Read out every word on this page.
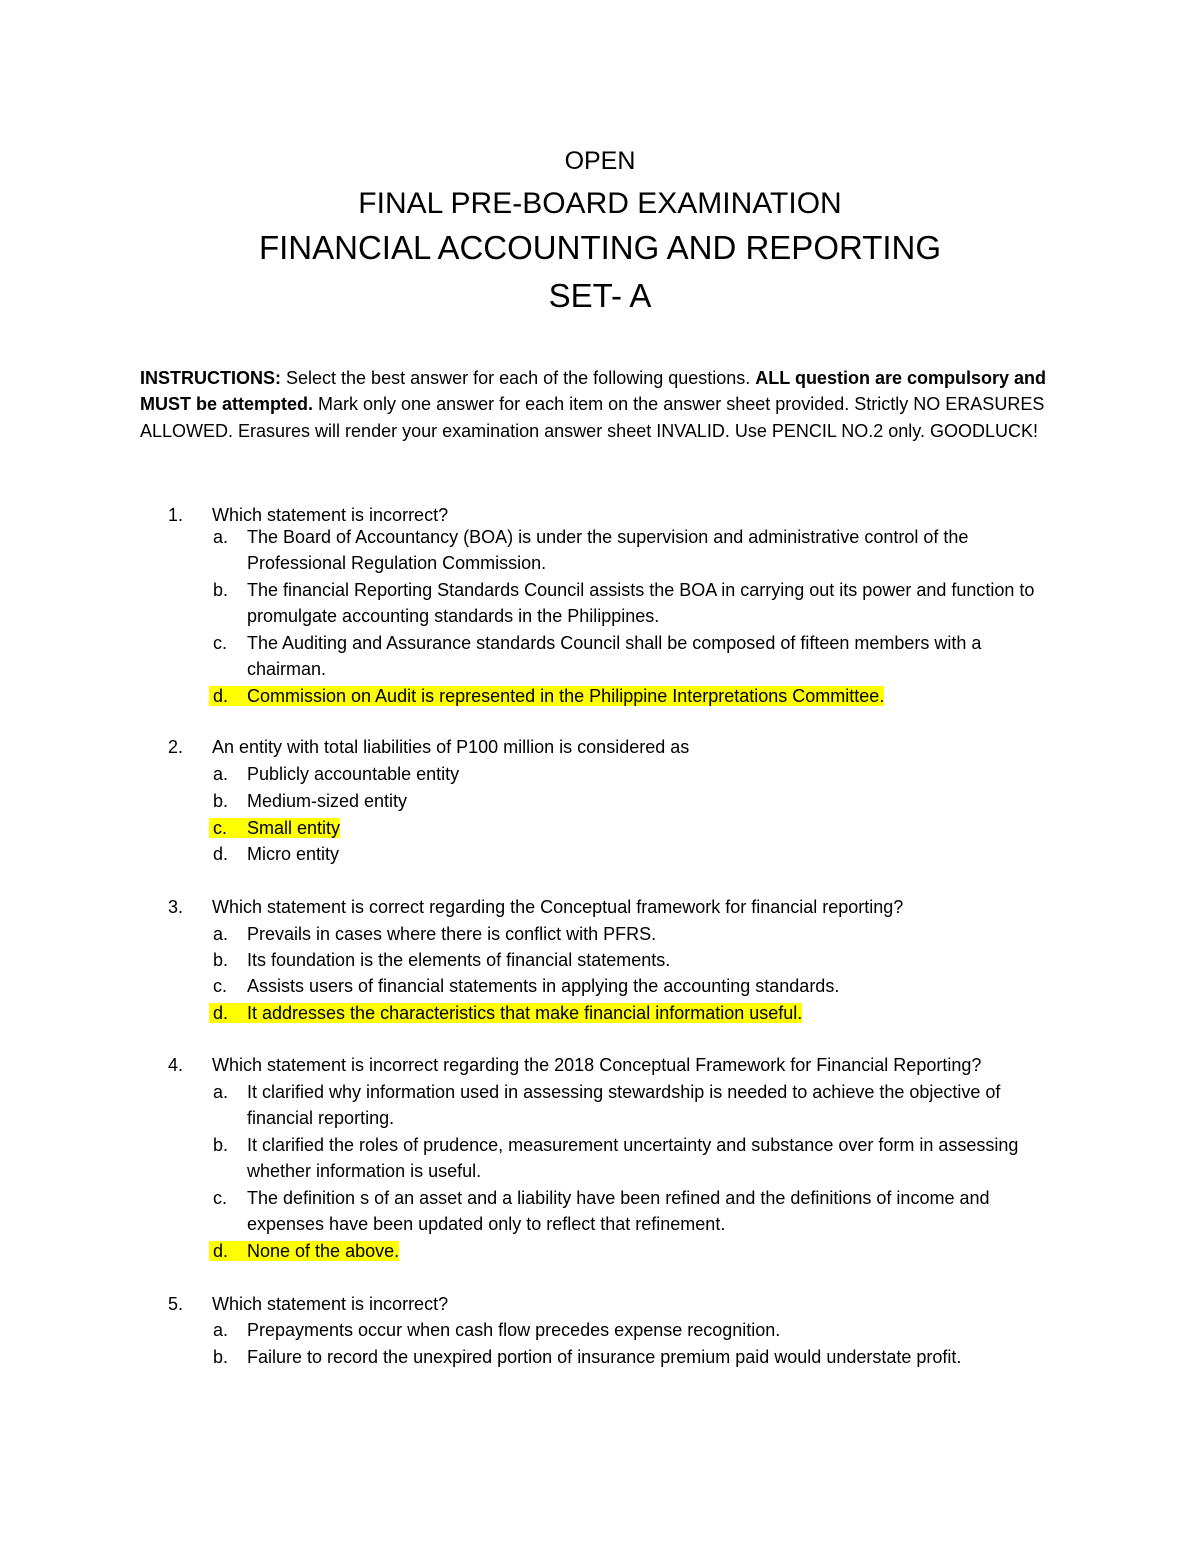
OPEN
FINAL PRE-BOARD EXAMINATION
FINANCIAL ACCOUNTING AND REPORTING
SET- A
INSTRUCTIONS: Select the best answer for each of the following questions. ALL question are compulsory and MUST be attempted. Mark only one answer for each item on the answer sheet provided. Strictly NO ERASURES ALLOWED. Erasures will render your examination answer sheet INVALID. Use PENCIL NO.2 only. GOODLUCK!
1. Which statement is incorrect?
a.	The Board of Accountancy (BOA) is under the supervision and administrative control of the Professional Regulation Commission.
b.	The financial Reporting Standards Council assists the BOA in carrying out its power and function to promulgate accounting standards in the Philippines.
c.	The Auditing and Assurance standards Council shall be composed of fifteen members with a chairman.
d.	Commission on Audit is represented in the Philippine Interpretations Committee.
2. An entity with total liabilities of P100 million is considered as
a.	Publicly accountable entity
b.	Medium-sized entity
c.	Small entity
d.	Micro entity
3. Which statement is correct regarding the Conceptual framework for financial reporting?
a.	Prevails in cases where there is conflict with PFRS.
b.	Its foundation is the elements of financial statements.
c.	Assists users of financial statements in applying the accounting standards.
d.	It addresses the characteristics that make financial information useful.
4. Which statement is incorrect regarding the 2018 Conceptual Framework for Financial Reporting?
a.	It clarified why information used in assessing stewardship is needed to achieve the objective of financial reporting.
b.	It clarified the roles of prudence, measurement uncertainty and substance over form in assessing whether information is useful.
c.	The definition s of an asset and a liability have been refined and the definitions of income and expenses have been updated only to reflect that refinement.
d.	None of the above.
5. Which statement is incorrect?
a.	Prepayments occur when cash flow precedes expense recognition.
b.	Failure to record the unexpired portion of insurance premium paid would understate profit.
